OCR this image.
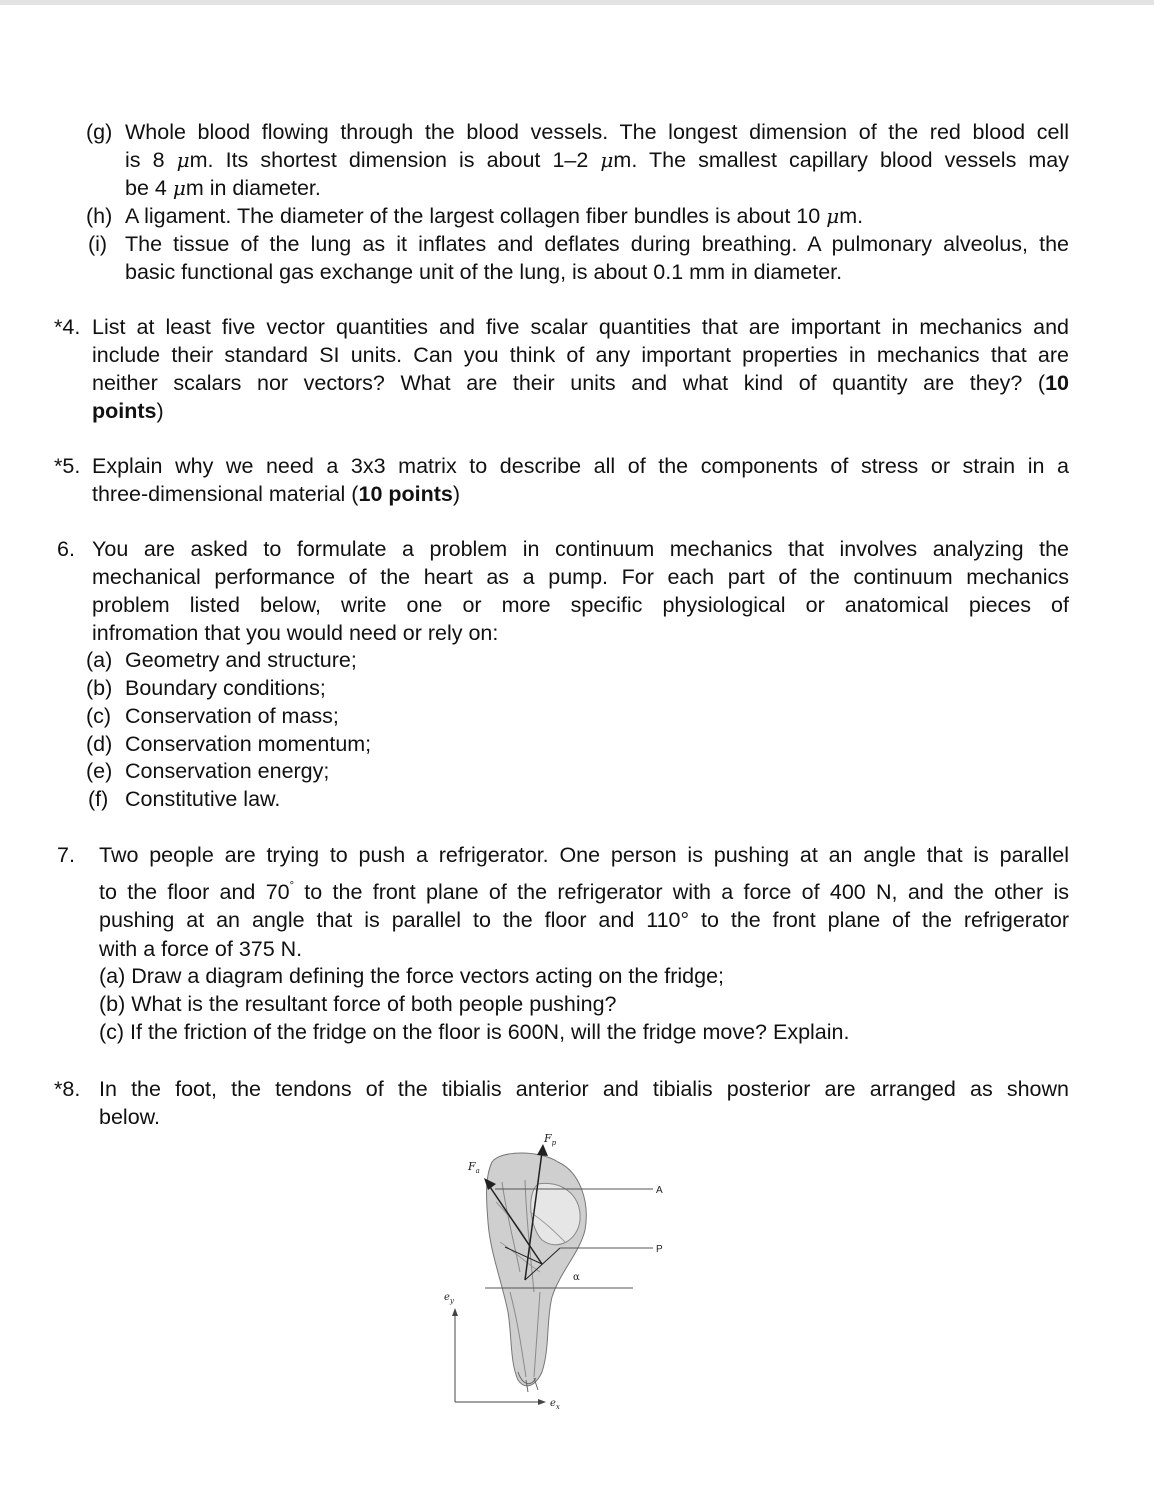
(g) Whole blood flowing through the blood vessels. The longest dimension of the red blood cell
is 8 μm. Its shortest dimension is about 1–2 μm. The smallest capillary blood vessels may
be 4 μm in diameter.
(h) A ligament. The diameter of the largest collagen fiber bundles is about 10 μm.
(i) The tissue of the lung as it inflates and deflates during breathing. A pulmonary alveolus, the
basic functional gas exchange unit of the lung, is about 0.1 mm in diameter.
*4. List at least five vector quantities and five scalar quantities that are important in mechanics and
include their standard SI units. Can you think of any important properties in mechanics that are
neither scalars nor vectors? What are their units and what kind of quantity are they? (10
points)
*5. Explain why we need a 3x3 matrix to describe all of the components of stress or strain in a
three-dimensional material (10 points)
6. You are asked to formulate a problem in continuum mechanics that involves analyzing the
mechanical performance of the heart as a pump. For each part of the continuum mechanics
problem listed below, write one or more specific physiological or anatomical pieces of
infromation that you would need or rely on:
(a) Geometry and structure;
(b) Boundary conditions;
(c) Conservation of mass;
(d) Conservation momentum;
(e) Conservation energy;
(f) Constitutive law.
7. Two people are trying to push a refrigerator. One person is pushing at an angle that is parallel
to the floor and 70° to the front plane of the refrigerator with a force of 400 N, and the other is
pushing at an angle that is parallel to the floor and 110° to the front plane of the refrigerator
with a force of 375 N.
(a) Draw a diagram defining the force vectors acting on the fridge;
(b) What is the resultant force of both people pushing?
(c) If the friction of the fridge on the floor is 600N, will the fridge move? Explain.
*8. In the foot, the tendons of the tibialis anterior and tibialis posterior are arranged as shown
below.
$F_p$
$F_a$
A
P
α
$e_y$
$e_x$
